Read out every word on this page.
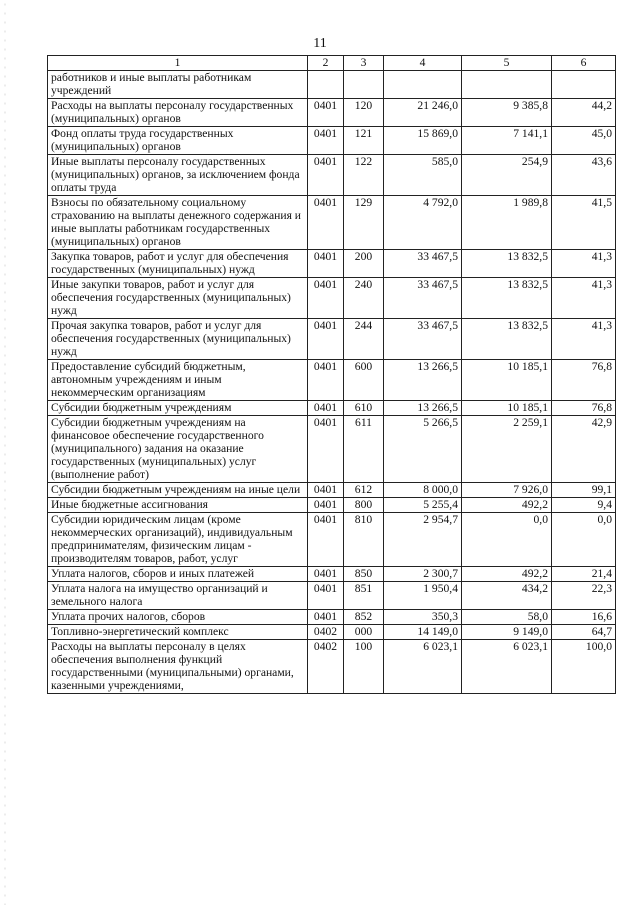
11
1	2	3	4	5	6
работников и иные выплаты работникам учреждений					
Расходы на выплаты персоналу государственных (муниципальных) органов	0401	120	21 246,0	9 385,8	44,2
Фонд оплаты труда государственных (муниципальных) органов	0401	121	15 869,0	7 141,1	45,0
Иные выплаты персоналу государственных (муниципальных) органов, за исключением фонда оплаты труда	0401	122	585,0	254,9	43,6
Взносы по обязательному социальному страхованию на выплаты денежного содержания и иные выплаты работникам государственных (муниципальных) органов	0401	129	4 792,0	1 989,8	41,5
Закупка товаров, работ и услуг для обеспечения государственных (муниципальных) нужд	0401	200	33 467,5	13 832,5	41,3
Иные закупки товаров, работ и услуг для обеспечения государственных (муниципальных) нужд	0401	240	33 467,5	13 832,5	41,3
Прочая закупка товаров, работ и услуг для обеспечения государственных (муниципальных) нужд	0401	244	33 467,5	13 832,5	41,3
Предоставление субсидий бюджетным, автономным учреждениям и иным некоммерческим организациям	0401	600	13 266,5	10 185,1	76,8
Субсидии бюджетным учреждениям	0401	610	13 266,5	10 185,1	76,8
Субсидии бюджетным учреждениям на финансовое обеспечение государственного (муниципального) задания на оказание государственных (муниципальных) услуг (выполнение работ)	0401	611	5 266,5	2 259,1	42,9
Субсидии бюджетным учреждениям на иные цели	0401	612	8 000,0	7 926,0	99,1
Иные бюджетные ассигнования	0401	800	5 255,4	492,2	9,4
Субсидии юридическим лицам (кроме некоммерческих организаций), индивидуальным предпринимателям, физическим лицам - производителям товаров, работ, услуг	0401	810	2 954,7	0,0	0,0
Уплата налогов, сборов и иных платежей	0401	850	2 300,7	492,2	21,4
Уплата налога на имущество организаций и земельного налога	0401	851	1 950,4	434,2	22,3
Уплата прочих налогов, сборов	0401	852	350,3	58,0	16,6
Топливно-энергетический комплекс	0402	000	14 149,0	9 149,0	64,7
Расходы на выплаты персоналу в целях обеспечения выполнения функций государственными (муниципальными) органами, казенными учреждениями,	0402	100	6 023,1	6 023,1	100,0
